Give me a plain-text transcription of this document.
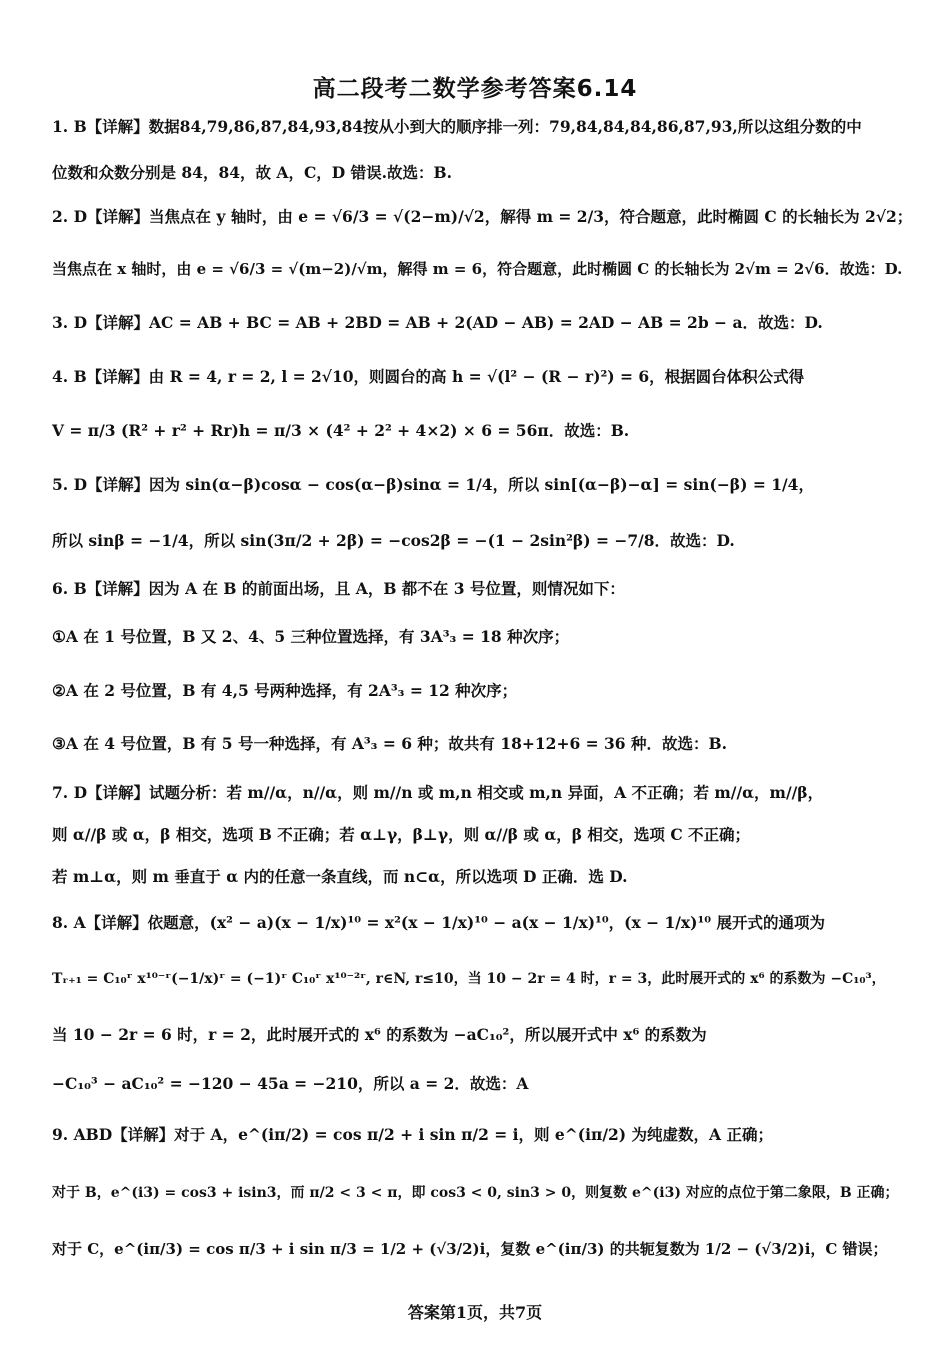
高二段考二数学参考答案6.14
1. B【详解】数据84,79,86,87,84,93,84按从小到大的顺序排一列：79,84,84,84,86,87,93,所以这组分数的中
位数和众数分别是 84，84，故 A，C，D 错误.故选：B.
2. D【详解】当焦点在 y 轴时，由 e = √6/3 = √(2−m)/√2，解得 m = 2/3，符合题意，此时椭圆 C 的长轴长为 2√2；
当焦点在 x 轴时，由 e = √6/3 = √(m−2)/√m，解得 m = 6，符合题意，此时椭圆 C 的长轴长为 2√m = 2√6．故选：D.
3. D【详解】AC = AB + BC = AB + 2BD = AB + 2(AD − AB) = 2AD − AB = 2b − a．故选：D.
4. B【详解】由 R = 4, r = 2, l = 2√10，则圆台的高 h = √(l² − (R − r)²) = 6，根据圆台体积公式得
V = π/3 (R² + r² + Rr)h = π/3 × (4² + 2² + 4×2) × 6 = 56π．故选：B.
5. D【详解】因为 sin(α−β)cosα − cos(α−β)sinα = 1/4，所以 sin[(α−β)−α] = sin(−β) = 1/4，
所以 sinβ = −1/4，所以 sin(3π/2 + 2β) = −cos2β = −(1 − 2sin²β) = −7/8．故选：D.
6. B【详解】因为 A 在 B 的前面出场，且 A，B 都不在 3 号位置，则情况如下：
①A 在 1 号位置，B 又 2、4、5 三种位置选择，有 3A³₃ = 18 种次序；
②A 在 2 号位置，B 有 4,5 号两种选择，有 2A³₃ = 12 种次序；
③A 在 4 号位置，B 有 5 号一种选择，有 A³₃ = 6 种；故共有 18+12+6 = 36 种．故选：B.
7. D【详解】试题分析：若 m//α，n//α，则 m//n 或 m,n 相交或 m,n 异面，A 不正确；若 m//α，m//β，
则 α//β 或 α，β 相交，选项 B 不正确；若 α⊥γ，β⊥γ，则 α//β 或 α，β 相交，选项 C 不正确；
若 m⊥α，则 m 垂直于 α 内的任意一条直线，而 n⊂α，所以选项 D 正确．选 D.
8. A【详解】依题意，(x² − a)(x − 1/x)¹⁰ = x²(x − 1/x)¹⁰ − a(x − 1/x)¹⁰，(x − 1/x)¹⁰ 展开式的通项为
Tᵣ₊₁ = C₁₀ʳ x¹⁰⁻ʳ(−1/x)ʳ = (−1)ʳ C₁₀ʳ x¹⁰⁻²ʳ, r∈N, r≤10，当 10 − 2r = 4 时，r = 3，此时展开式的 x⁶ 的系数为 −C₁₀³，
当 10 − 2r = 6 时，r = 2，此时展开式的 x⁶ 的系数为 −aC₁₀²，所以展开式中 x⁶ 的系数为
−C₁₀³ − aC₁₀² = −120 − 45a = −210，所以 a = 2．故选：A
9. ABD【详解】对于 A，e^(iπ/2) = cos π/2 + i sin π/2 = i，则 e^(iπ/2) 为纯虚数，A 正确；
对于 B，e^(i3) = cos3 + isin3，而 π/2 < 3 < π，即 cos3 < 0, sin3 > 0，则复数 e^(i3) 对应的点位于第二象限，B 正确；
对于 C，e^(iπ/3) = cos π/3 + i sin π/3 = 1/2 + (√3/2)i，复数 e^(iπ/3) 的共轭复数为 1/2 − (√3/2)i，C 错误；
答案第1页，共7页
